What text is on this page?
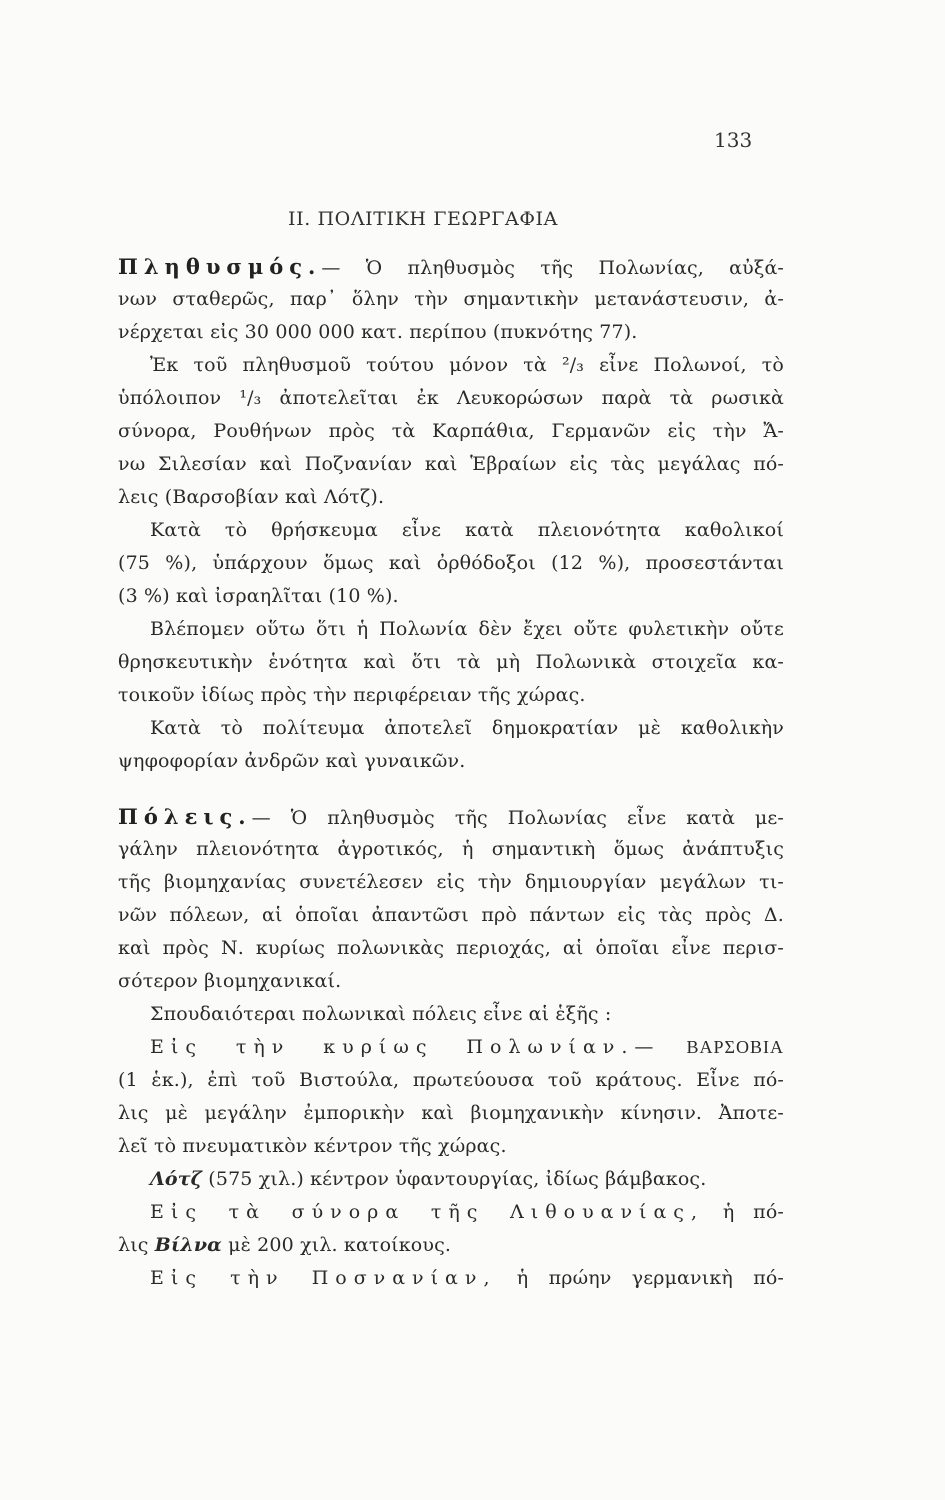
133
II. ΠΟΛΙΤΙΚΗ ΓΕΩΡΓΑΦΙΑ
Πληθυσμός.— Ὁ πληθυσμὸς τῆς Πολωνίας, αὐξά-
νων σταθερῶς, παρ᾽ ὅλην τὴν σημαντικὴν μετανάστευσιν, ἀ-
νέρχεται εἰς 30 000 000 κατ. περίπου (πυκνότης 77).
Ἐκ τοῦ πληθυσμοῦ τούτου μόνον τὰ ²/₃ εἶνε Πολωνοί, τὸ
ὑπόλοιπον ¹/₃ ἀποτελεῖται ἐκ Λευκορώσων παρὰ τὰ ρωσικὰ
σύνορα, Ρουθήνων πρὸς τὰ Καρπάθια, Γερμανῶν εἰς τὴν Ἄ-
νω Σιλεσίαν καὶ Ποζνανίαν καὶ Ἑβραίων εἰς τὰς μεγάλας πό-
λεις (Βαρσοβίαν καὶ Λότζ).
Κατὰ τὸ θρήσκευμα εἶνε κατὰ πλειονότητα καθολικοί
(75 %), ὑπάρχουν ὅμως καὶ ὀρθόδοξοι (12 %), προσεστάνται
(3 %) καὶ ἰσραηλῖται (10 %).
Βλέπομεν οὕτω ὅτι ἡ Πολωνία δὲν ἔχει οὔτε φυλετικὴν οὔτε
θρησκευτικὴν ἑνότητα καὶ ὅτι τὰ μὴ Πολωνικὰ στοιχεῖα κα-
τοικοῦν ἰδίως πρὸς τὴν περιφέρειαν τῆς χώρας.
Κατὰ τὸ πολίτευμα ἀποτελεῖ δημοκρατίαν μὲ καθολικὴν
ψηφοφορίαν ἀνδρῶν καὶ γυναικῶν.
Πόλεις.— Ὁ πληθυσμὸς τῆς Πολωνίας εἶνε κατὰ με-
γάλην πλειονότητα ἀγροτικός, ἡ σημαντικὴ ὅμως ἀνάπτυξις
τῆς βιομηχανίας συνετέλεσεν εἰς τὴν δημιουργίαν μεγάλων τι-
νῶν πόλεων, αἱ ὁποῖαι ἀπαντῶσι πρὸ πάντων εἰς τὰς πρὸς Δ.
καὶ πρὸς Ν. κυρίως πολωνικὰς περιοχάς, αἱ ὁποῖαι εἶνε περισ-
σότερον βιομηχανικαί.
Σπουδαιότεραι πολωνικαὶ πόλεις εἶνε αἱ ἑξῆς :
Εἰς τὴν κυρίως Πολωνίαν.— ΒΑΡΣΟΒΙΑ
(1 ἑκ.), ἐπὶ τοῦ Βιστούλα, πρωτεύουσα τοῦ κράτους. Εἶνε πό-
λις μὲ μεγάλην ἐμπορικὴν καὶ βιομηχανικὴν κίνησιν. Ἀποτε-
λεῖ τὸ πνευματικὸν κέντρον τῆς χώρας.
Λότζ (575 χιλ.) κέντρον ὑφαντουργίας, ἰδίως βάμβακος.
Εἰς τὰ σύνορα τῆς Λιθουανίας, ἡ πό-
λις Βίλνα μὲ 200 χιλ. κατοίκους.
Εἰς τὴν Ποσνανίαν, ἡ πρώην γερμανικὴ πό-
